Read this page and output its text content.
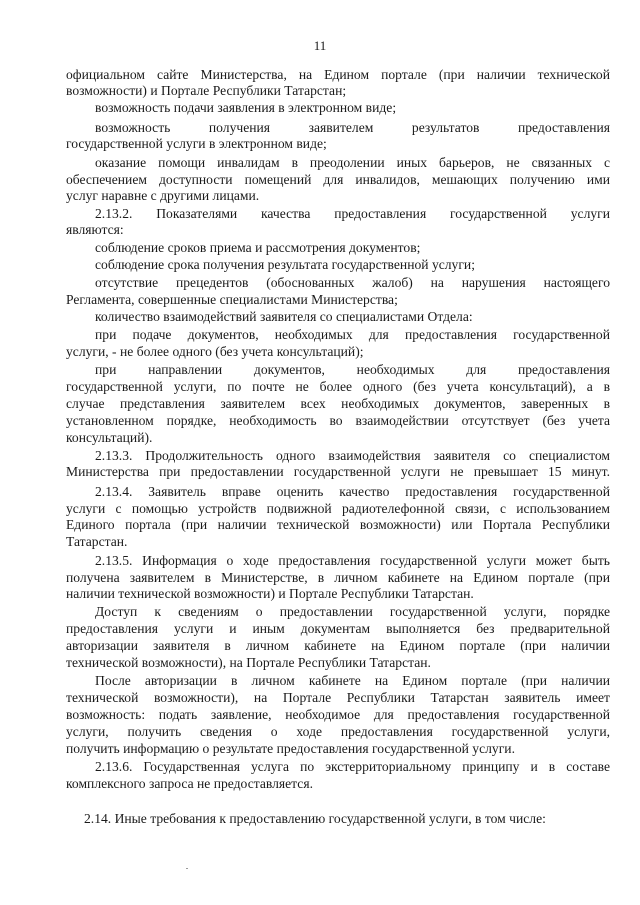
11
официальном сайте Министерства, на Едином портале (при наличии технической
возможности) и Портале Республики Татарстан;
возможность подачи заявления в электронном виде;
возможность получения заявителем результатов предоставления
государственной услуги в электронном виде;
оказание помощи инвалидам в преодолении иных барьеров, не связанных с
обеспечением доступности помещений для инвалидов, мешающих получению ими
услуг наравне с другими лицами.
2.13.2. Показателями качества предоставления государственной услуги
являются:
соблюдение сроков приема и рассмотрения документов;
соблюдение срока получения результата государственной услуги;
отсутствие прецедентов (обоснованных жалоб) на нарушения настоящего
Регламента, совершенные специалистами Министерства;
количество взаимодействий заявителя со специалистами Отдела:
при подаче документов, необходимых для предоставления государственной
услуги, - не более одного (без учета консультаций);
при направлении документов, необходимых для предоставления
государственной услуги, по почте не более одного (без учета консультаций), а в
случае представления заявителем всех необходимых документов, заверенных в
установленном порядке, необходимость во взаимодействии отсутствует (без учета
консультаций).
2.13.3. Продолжительность одного взаимодействия заявителя со специалистом
Министерства при предоставлении государственной услуги не превышает 15 минут.
2.13.4. Заявитель вправе оценить качество предоставления государственной
услуги с помощью устройств подвижной радиотелефонной связи, с использованием
Единого портала (при наличии технической возможности) или Портала Республики
Татарстан.
2.13.5. Информация о ходе предоставления государственной услуги может быть
получена заявителем в Министерстве, в личном кабинете на Едином портале (при
наличии технической возможности) и Портале Республики Татарстан.
Доступ к сведениям о предоставлении государственной услуги, порядке
предоставления услуги и иным документам выполняется без предварительной
авторизации заявителя в личном кабинете на Едином портале (при наличии
технической возможности), на Портале Республики Татарстан.
После авторизации в личном кабинете на Едином портале (при наличии
технической возможности), на Портале Республики Татарстан заявитель имеет
возможность: подать заявление, необходимое для предоставления государственной
услуги, получить сведения о ходе предоставления государственной услуги,
получить информацию о результате предоставления государственной услуги.
2.13.6. Государственная услуга по экстерриториальному принципу и в составе
комплексного запроса не предоставляется.
2.14. Иные требования к предоставлению государственной услуги, в том числе:
